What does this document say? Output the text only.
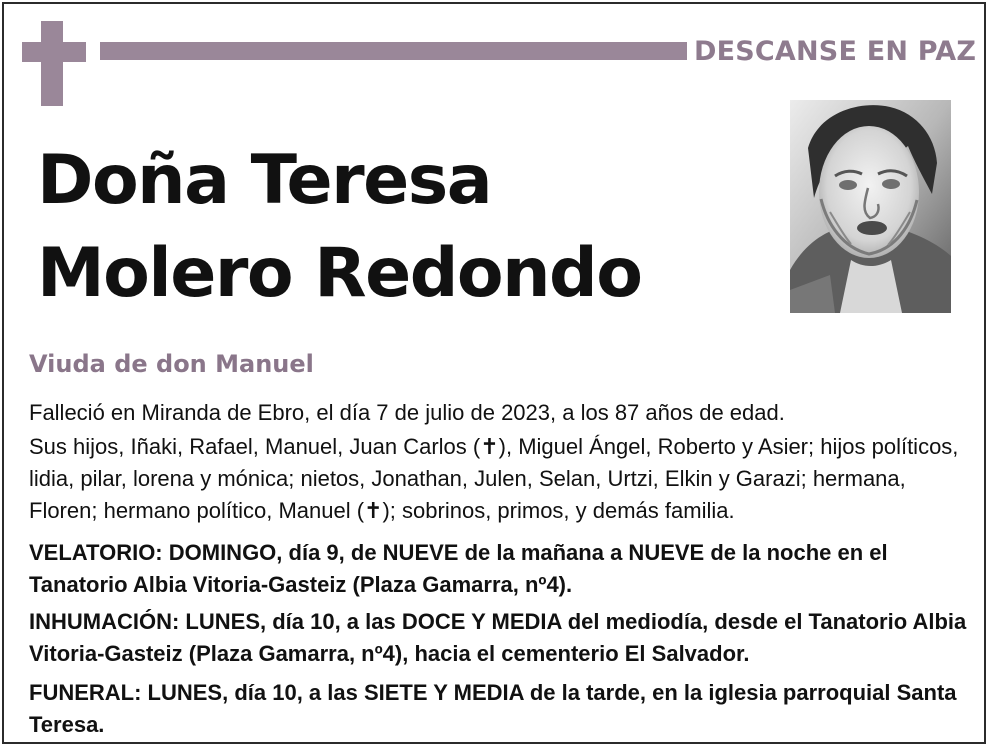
DESCANSE EN PAZ
Doña Teresa
Molero Redondo
Viuda de don Manuel
Falleció en Miranda de Ebro, el día 7 de julio de 2023, a los 87 años de edad.
Sus hijos, Iñaki, Rafael, Manuel, Juan Carlos (✝), Miguel Ángel, Roberto y Asier; hijos políticos, lidia, pilar, lorena y mónica; nietos, Jonathan, Julen, Selan, Urtzi, Elkin y Garazi; hermana, Floren; hermano político, Manuel (✝); sobrinos, primos, y demás familia.
VELATORIO: DOMINGO, día 9, de NUEVE de la mañana a NUEVE de la noche en el Tanatorio Albia Vitoria-Gasteiz (Plaza Gamarra, nº4).
INHUMACIÓN: LUNES, día 10, a las DOCE Y MEDIA del mediodía, desde el Tanatorio Albia Vitoria-Gasteiz (Plaza Gamarra, nº4), hacia el cementerio El Salvador.
FUNERAL: LUNES, día 10, a las SIETE Y MEDIA de la tarde, en la iglesia parroquial Santa Teresa.
